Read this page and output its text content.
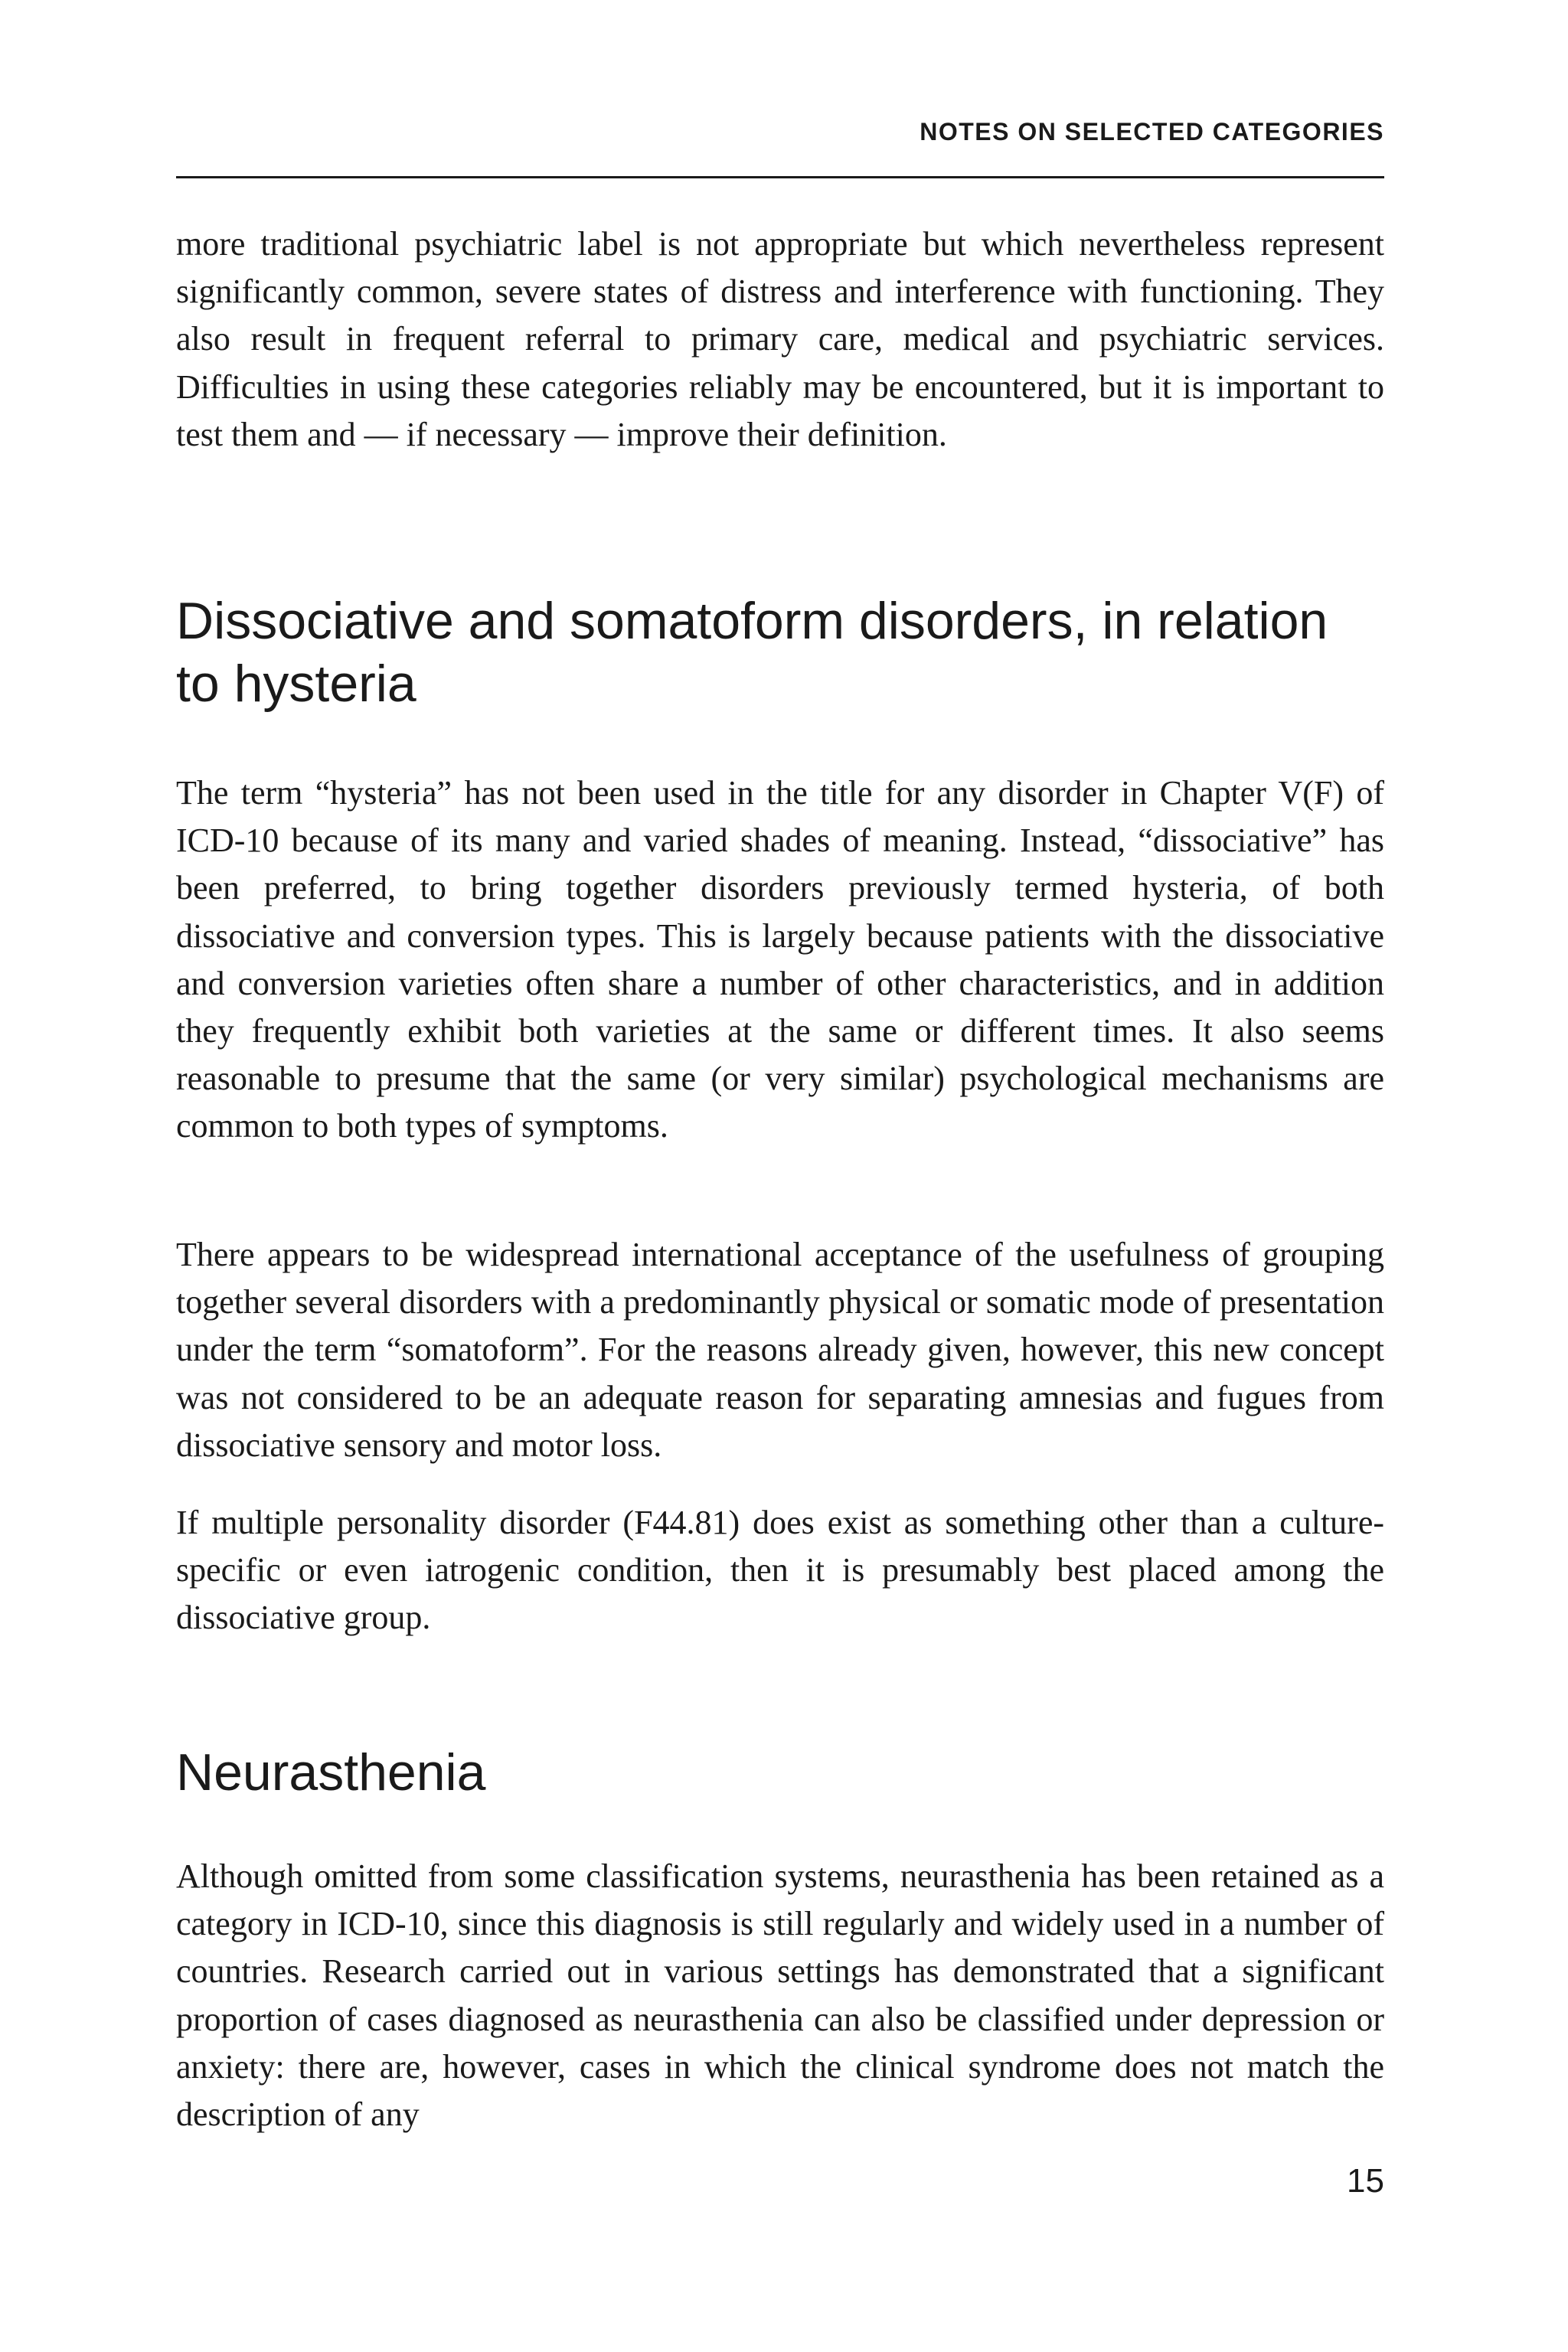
NOTES ON SELECTED CATEGORIES

more traditional psychiatric label is not appropriate but which nevertheless represent significantly common, severe states of distress and interference with functioning. They also result in frequent referral to primary care, medical and psychiatric services. Difficulties in using these categories reliably may be encountered, but it is important to test them and — if necessary — improve their definition.

Dissociative and somatoform disorders, in relation to hysteria

The term “hysteria” has not been used in the title for any disorder in Chapter V(F) of ICD-10 because of its many and varied shades of meaning. Instead, “dissociative” has been preferred, to bring together disorders previously termed hysteria, of both dissociative and conversion types. This is largely because patients with the dissociative and conversion varieties often share a number of other characteristics, and in addition they frequently exhibit both varieties at the same or different times. It also seems reasonable to presume that the same (or very similar) psychological mechanisms are common to both types of symptoms.

There appears to be widespread international acceptance of the usefulness of grouping together several disorders with a predominantly physical or somatic mode of presentation under the term “somatoform”. For the reasons already given, however, this new concept was not considered to be an adequate reason for separating amnesias and fugues from dissociative sensory and motor loss.

If multiple personality disorder (F44.81) does exist as something other than a culture-specific or even iatrogenic condition, then it is presumably best placed among the dissociative group.

Neurasthenia

Although omitted from some classification systems, neurasthenia has been retained as a category in ICD-10, since this diagnosis is still regularly and widely used in a number of countries. Research carried out in various settings has demonstrated that a significant proportion of cases diagnosed as neurasthenia can also be classified under depression or anxiety: there are, however, cases in which the clinical syndrome does not match the description of any

15
